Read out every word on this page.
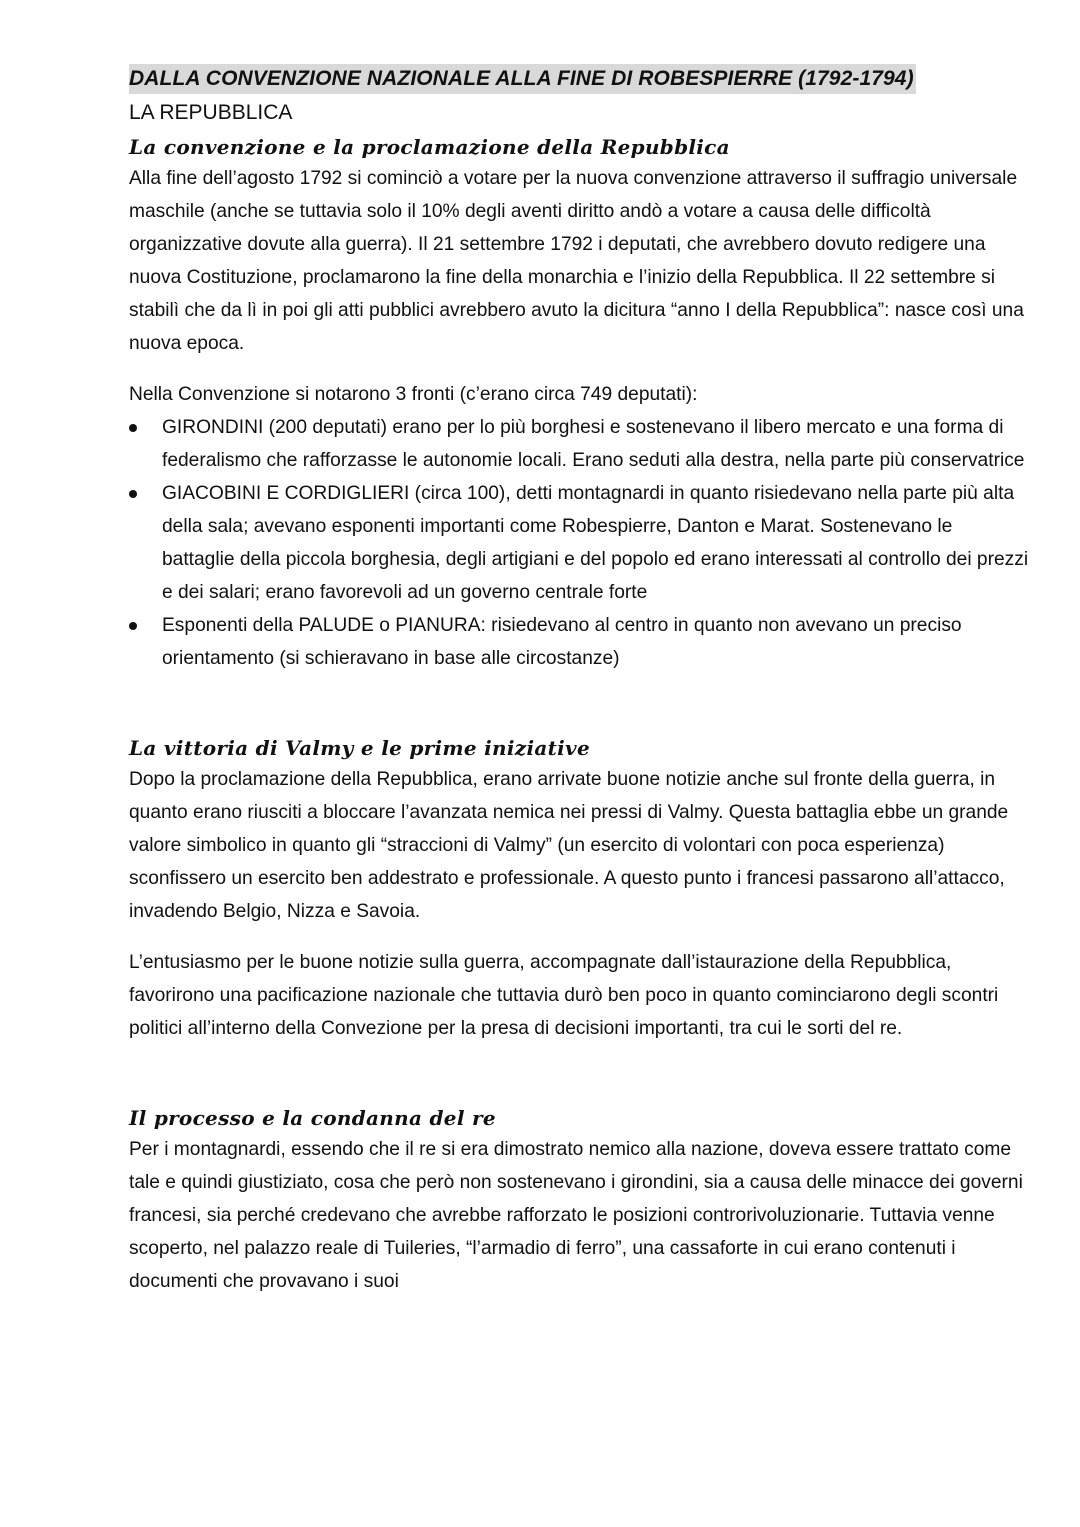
DALLA CONVENZIONE NAZIONALE ALLA FINE DI ROBESPIERRE (1792-1794)
LA REPUBBLICA
La convenzione e la proclamazione della Repubblica

Alla fine dell’agosto 1792 si cominciò a votare per la nuova convenzione attraverso il suffragio universale maschile (anche se tuttavia solo il 10% degli aventi diritto andò a votare a causa delle difficoltà organizzative dovute alla guerra). Il 21 settembre 1792 i deputati, che avrebbero dovuto redigere una nuova Costituzione, proclamarono la fine della monarchia e l’inizio della Repubblica. Il 22 settembre si stabilì che da lì in poi gli atti pubblici avrebbero avuto la dicitura “anno I della Repubblica”: nasce così una nuova epoca.

Nella Convenzione si notarono 3 fronti (c’erano circa 749 deputati):

GIRONDINI (200 deputati) erano per lo più borghesi e sostenevano il libero mercato e una forma di federalismo che rafforzasse le autonomie locali. Erano seduti alla destra, nella parte più conservatrice
GIACOBINI E CORDIGLIERI (circa 100), detti montagnardi in quanto risiedevano nella parte più alta della sala; avevano esponenti importanti come Robespierre, Danton e Marat. Sostenevano le battaglie della piccola borghesia, degli artigiani e del popolo ed erano interessati al controllo dei prezzi e dei salari; erano favorevoli ad un governo centrale forte
Esponenti della PALUDE o PIANURA: risiedevano al centro in quanto non avevano un preciso orientamento (si schieravano in base alle circostanze)
La vittoria di Valmy e le prime iniziative

Dopo la proclamazione della Repubblica, erano arrivate buone notizie anche sul fronte della guerra, in quanto erano riusciti a bloccare l’avanzata nemica nei pressi di Valmy. Questa battaglia ebbe un grande valore simbolico in quanto gli “straccioni di Valmy” (un esercito di volontari con poca esperienza) sconfissero un esercito ben addestrato e professionale. A questo punto i francesi passarono all’attacco, invadendo Belgio, Nizza e Savoia.

L’entusiasmo per le buone notizie sulla guerra, accompagnate dall’istaurazione della Repubblica, favorirono una pacificazione nazionale che tuttavia durò ben poco in quanto cominciarono degli scontri politici all’interno della Convezione per la presa di decisioni importanti, tra cui le sorti del re.

Il processo e la condanna del re

Per i montagnardi, essendo che il re si era dimostrato nemico alla nazione, doveva essere trattato come tale e quindi giustiziato, cosa che però non sostenevano i girondini, sia a causa delle minacce dei governi francesi, sia perché credevano che avrebbe rafforzato le posizioni controrivoluzionarie. Tuttavia venne scoperto, nel palazzo reale di Tuileries, “l’armadio di ferro”, una cassaforte in cui erano contenuti i documenti che provavano i suoi
